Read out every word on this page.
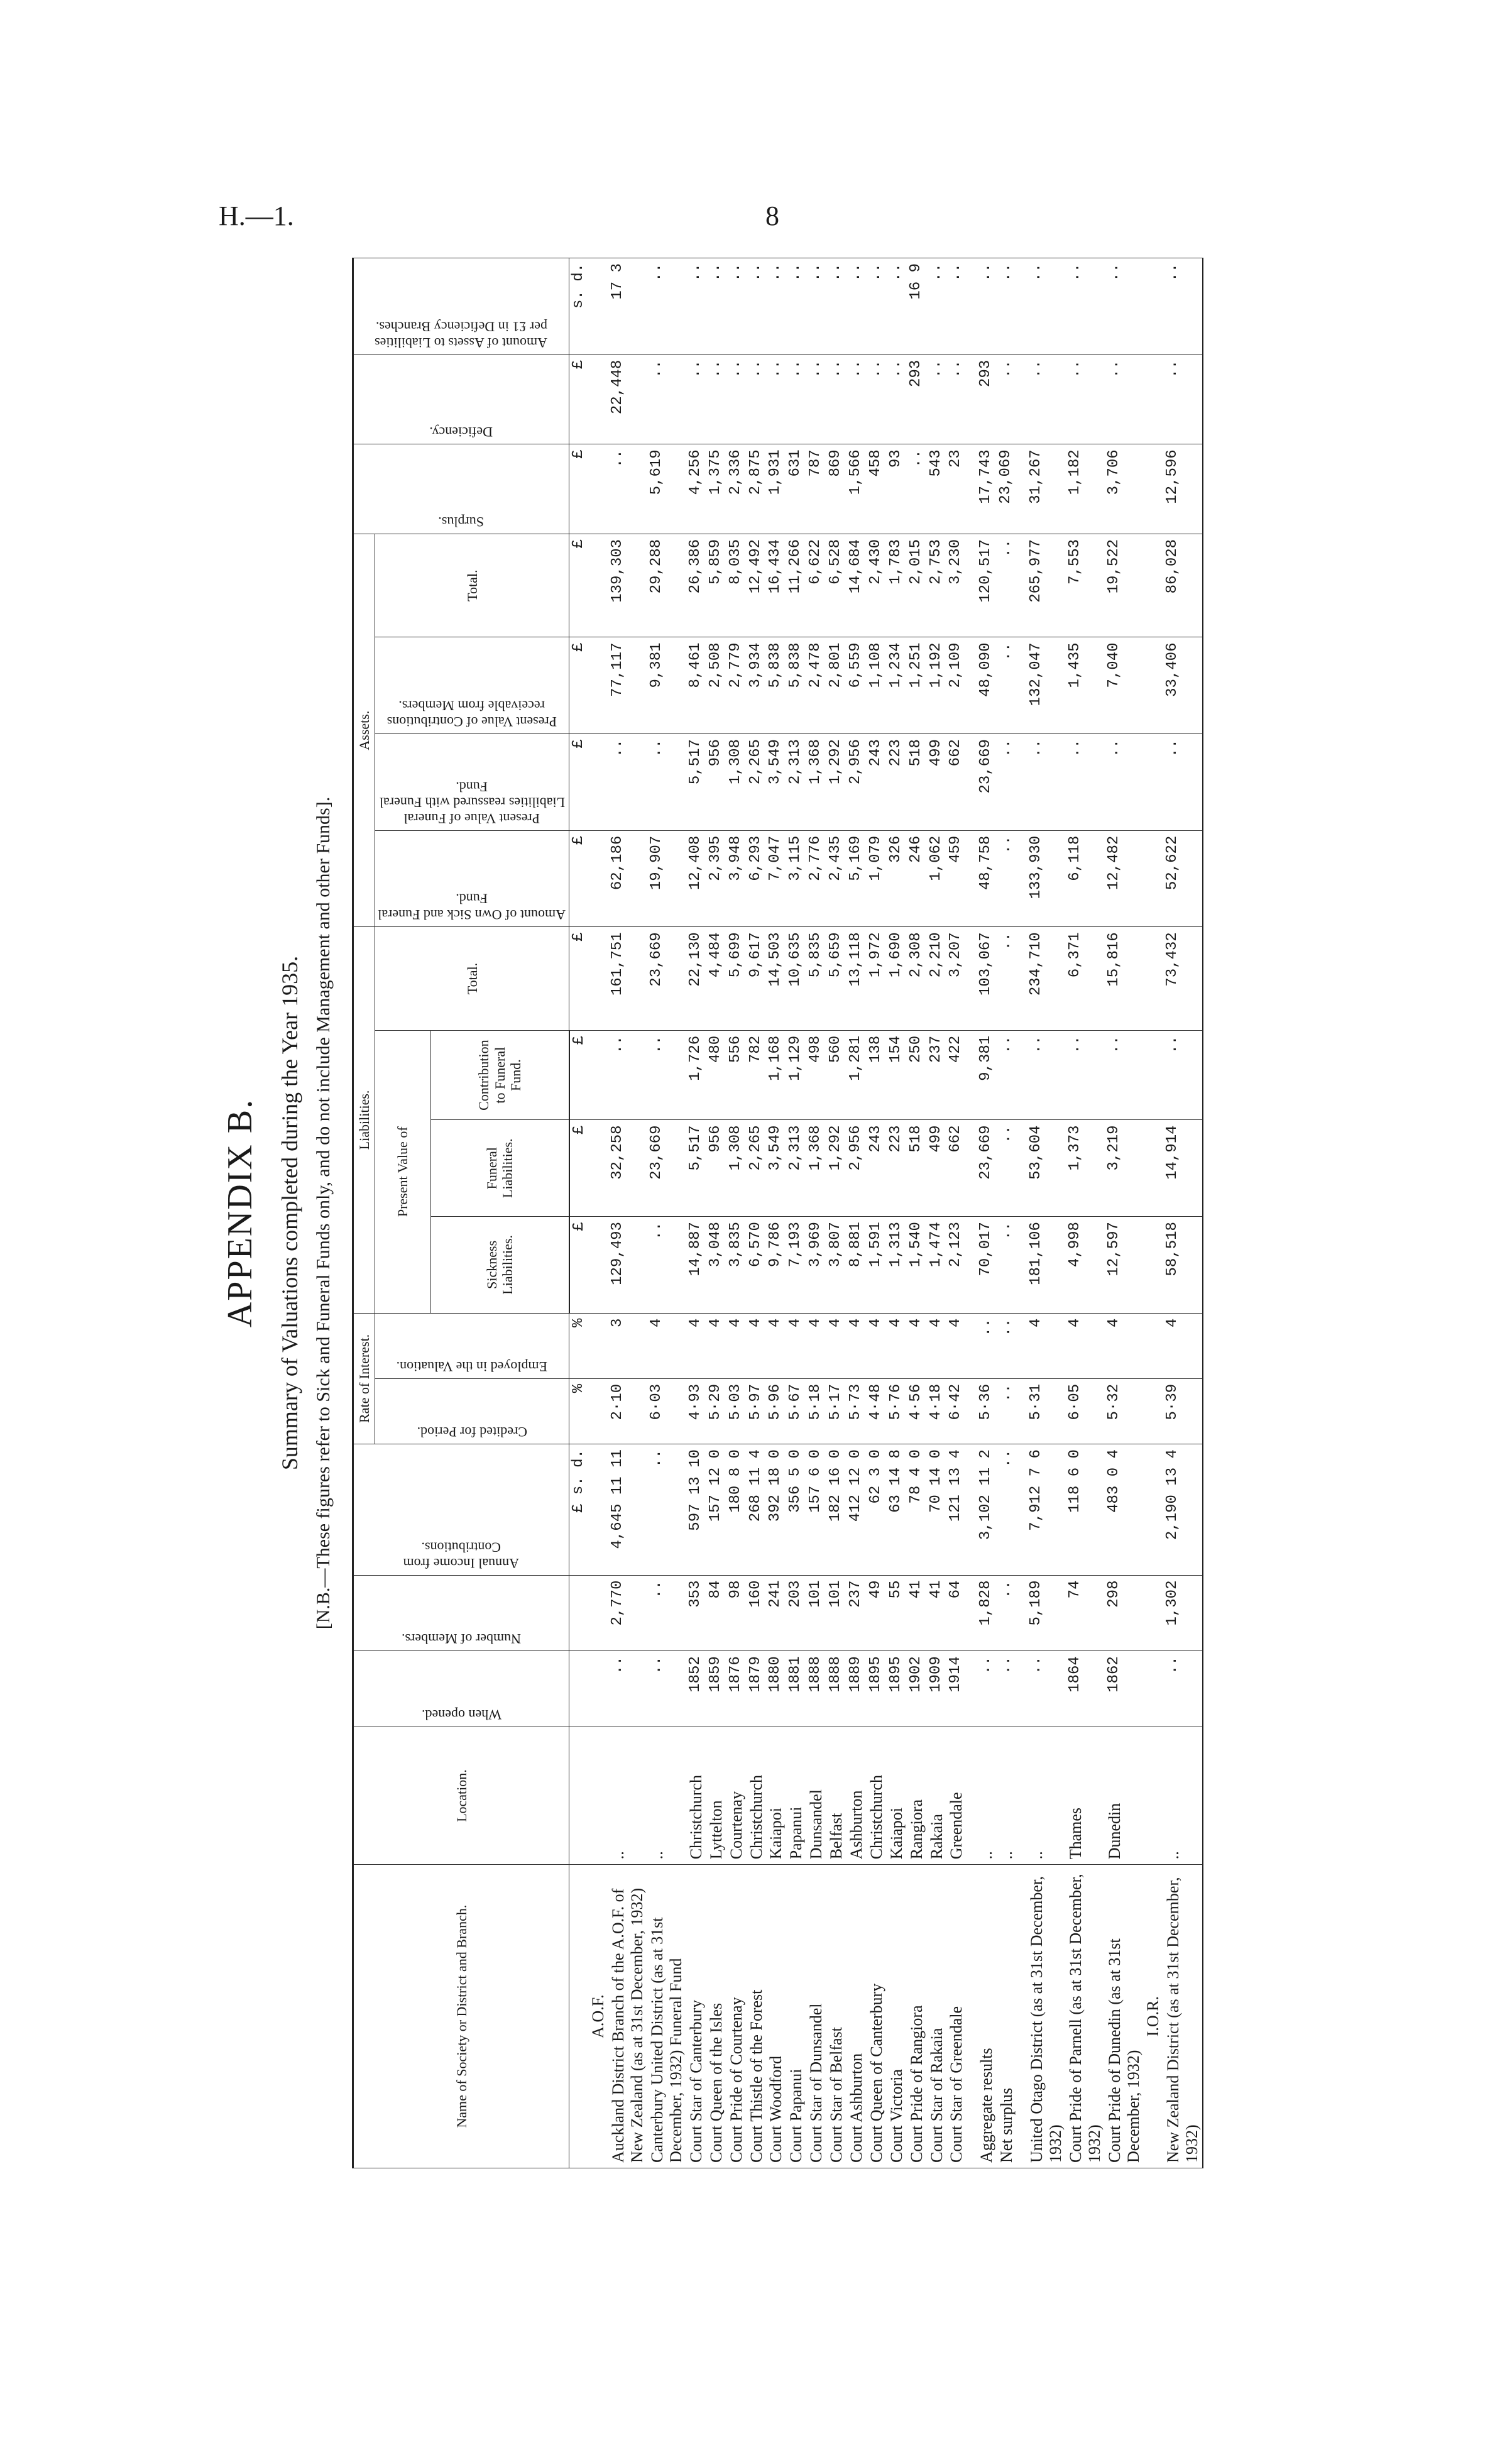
H.—1.	8
APPENDIX B. Summary of Valuations completed during the Year 1935. [N.B.—These figures refer to Sick and Funeral Funds only, and do not include Management and other Funds].
Name of Society or District and Branch.	Location.	When opened.	Number of Members.	Annual Income from Contributions.	Rate of Interest.		Liabilities.				Assets.				Surplus.	Deficiency.	Amount of Assets to Liabilities per £1 in Deficiency Branches.

					Credited for Period.	Employed in the Valuation.	Present Value of			Total.	Amount of Own Sick and Funeral Fund.	Present Value of Funeral Liabilities reassured with Funeral Fund.	Present Value of Contributions receivable from Members.	Total.			
							Sickness Liabilities.	Funeral Liabilities.	Contribution to Funeral Fund.								
				£ s. d.	%	%	£	£	£	£	£	£	£	£	£	£	s. d.
A.O.F.																	
Auckland District Branch of the A.O.F. of New Zealand (as at 31st December, 1932)	..	..	2,770	4,645 11 11	2·10	3	129,493	32,258	..	161,751	62,186	..	77,117	139,303	..	22,448	17 3
Canterbury United District (as at 31st December, 1932) Funeral Fund	..	..	..	..	6·03	4	..	23,669	..	23,669	19,907	..	9,381	29,288	5,619	..	..
Court Star of Canterbury	Christchurch	1852	353	597 13 10	4·93	4	14,887	5,517	1,726	22,130	12,408	5,517	8,461	26,386	4,256	..	..
Court Queen of the Isles	Lyttelton	1859	84	157 12 0	5·29	4	3,048	956	480	4,484	2,395	956	2,508	5,859	1,375	..	..
Court Pride of Courtenay	Courtenay	1876	98	180 8 0	5·03	4	3,835	1,308	556	5,699	3,948	1,308	2,779	8,035	2,336	..	..
Court Thistle of the Forest	Christchurch	1879	160	268 11 4	5·97	4	6,570	2,265	782	9,617	6,293	2,265	3,934	12,492	2,875	..	..
Court Woodford	Kaiapoi	1880	241	392 18 0	5·96	4	9,786	3,549	1,168	14,503	7,047	3,549	5,838	16,434	1,931	..	..
Court Papanui	Papanui	1881	203	356 5 0	5·67	4	7,193	2,313	1,129	10,635	3,115	2,313	5,838	11,266	631	..	..
Court Star of Dunsandel	Dunsandel	1888	101	157 6 0	5·18	4	3,969	1,368	498	5,835	2,776	1,368	2,478	6,622	787	..	..
Court Star of Belfast	Belfast	1888	101	182 16 0	5·17	4	3,807	1,292	560	5,659	2,435	1,292	2,801	6,528	869	..	..
Court Ashburton	Ashburton	1889	237	412 12 0	5·73	4	8,881	2,956	1,281	13,118	5,169	2,956	6,559	14,684	1,566	..	..
Court Queen of Canterbury	Christchurch	1895	49	62 3 0	4·48	4	1,591	243	138	1,972	1,079	243	1,108	2,430	458	..	..
Court Victoria	Kaiapoi	1895	55	63 14 8	5·76	4	1,313	223	154	1,690	326	223	1,234	1,783	93	..	..
Court Pride of Rangiora	Rangiora	1902	41	78 4 0	4·56	4	1,540	518	250	2,308	246	518	1,251	2,015	..	293	16 9
Court Star of Rakaia	Rakaia	1909	41	70 14 0	4·18	4	1,474	499	237	2,210	1,062	499	1,192	2,753	543	..	..
Court Star of Greendale	Greendale	1914	64	121 13 4	6·42	4	2,123	662	422	3,207	459	662	2,109	3,230	23	..	..

Aggregate results	..	..	1,828	3,102 11 2	5·36	..	70,017	23,669	9,381	103,067	48,758	23,669	48,090	120,517	17,743	293	..
Net surplus	..	..	..	..	..	..	..	..	..	..	..	..	..	..	23,069	..	..

United Otago District (as at 31st December, 1932)	..	..	5,189	7,912 7 6	5·31	4	181,106	53,604	..	234,710	133,930	..	132,047	265,977	31,267	..	..
Court Pride of Parnell (as at 31st December, 1932)	Thames	1864	74	118 6 0	6·05	4	4,998	1,373	..	6,371	6,118	..	1,435	7,553	1,182	..	..
Court Pride of Dunedin (as at 31st December, 1932)	Dunedin	1862	298	483 0 4	5·32	4	12,597	3,219	..	15,816	12,482	..	7,040	19,522	3,706	..	..
I.O.R.																	
New Zealand District (as at 31st December, 1932)	..	..	1,302	2,190 13 4	5·39	4	58,518	14,914	..	73,432	52,622	..	33,406	86,028	12,596	..	..
